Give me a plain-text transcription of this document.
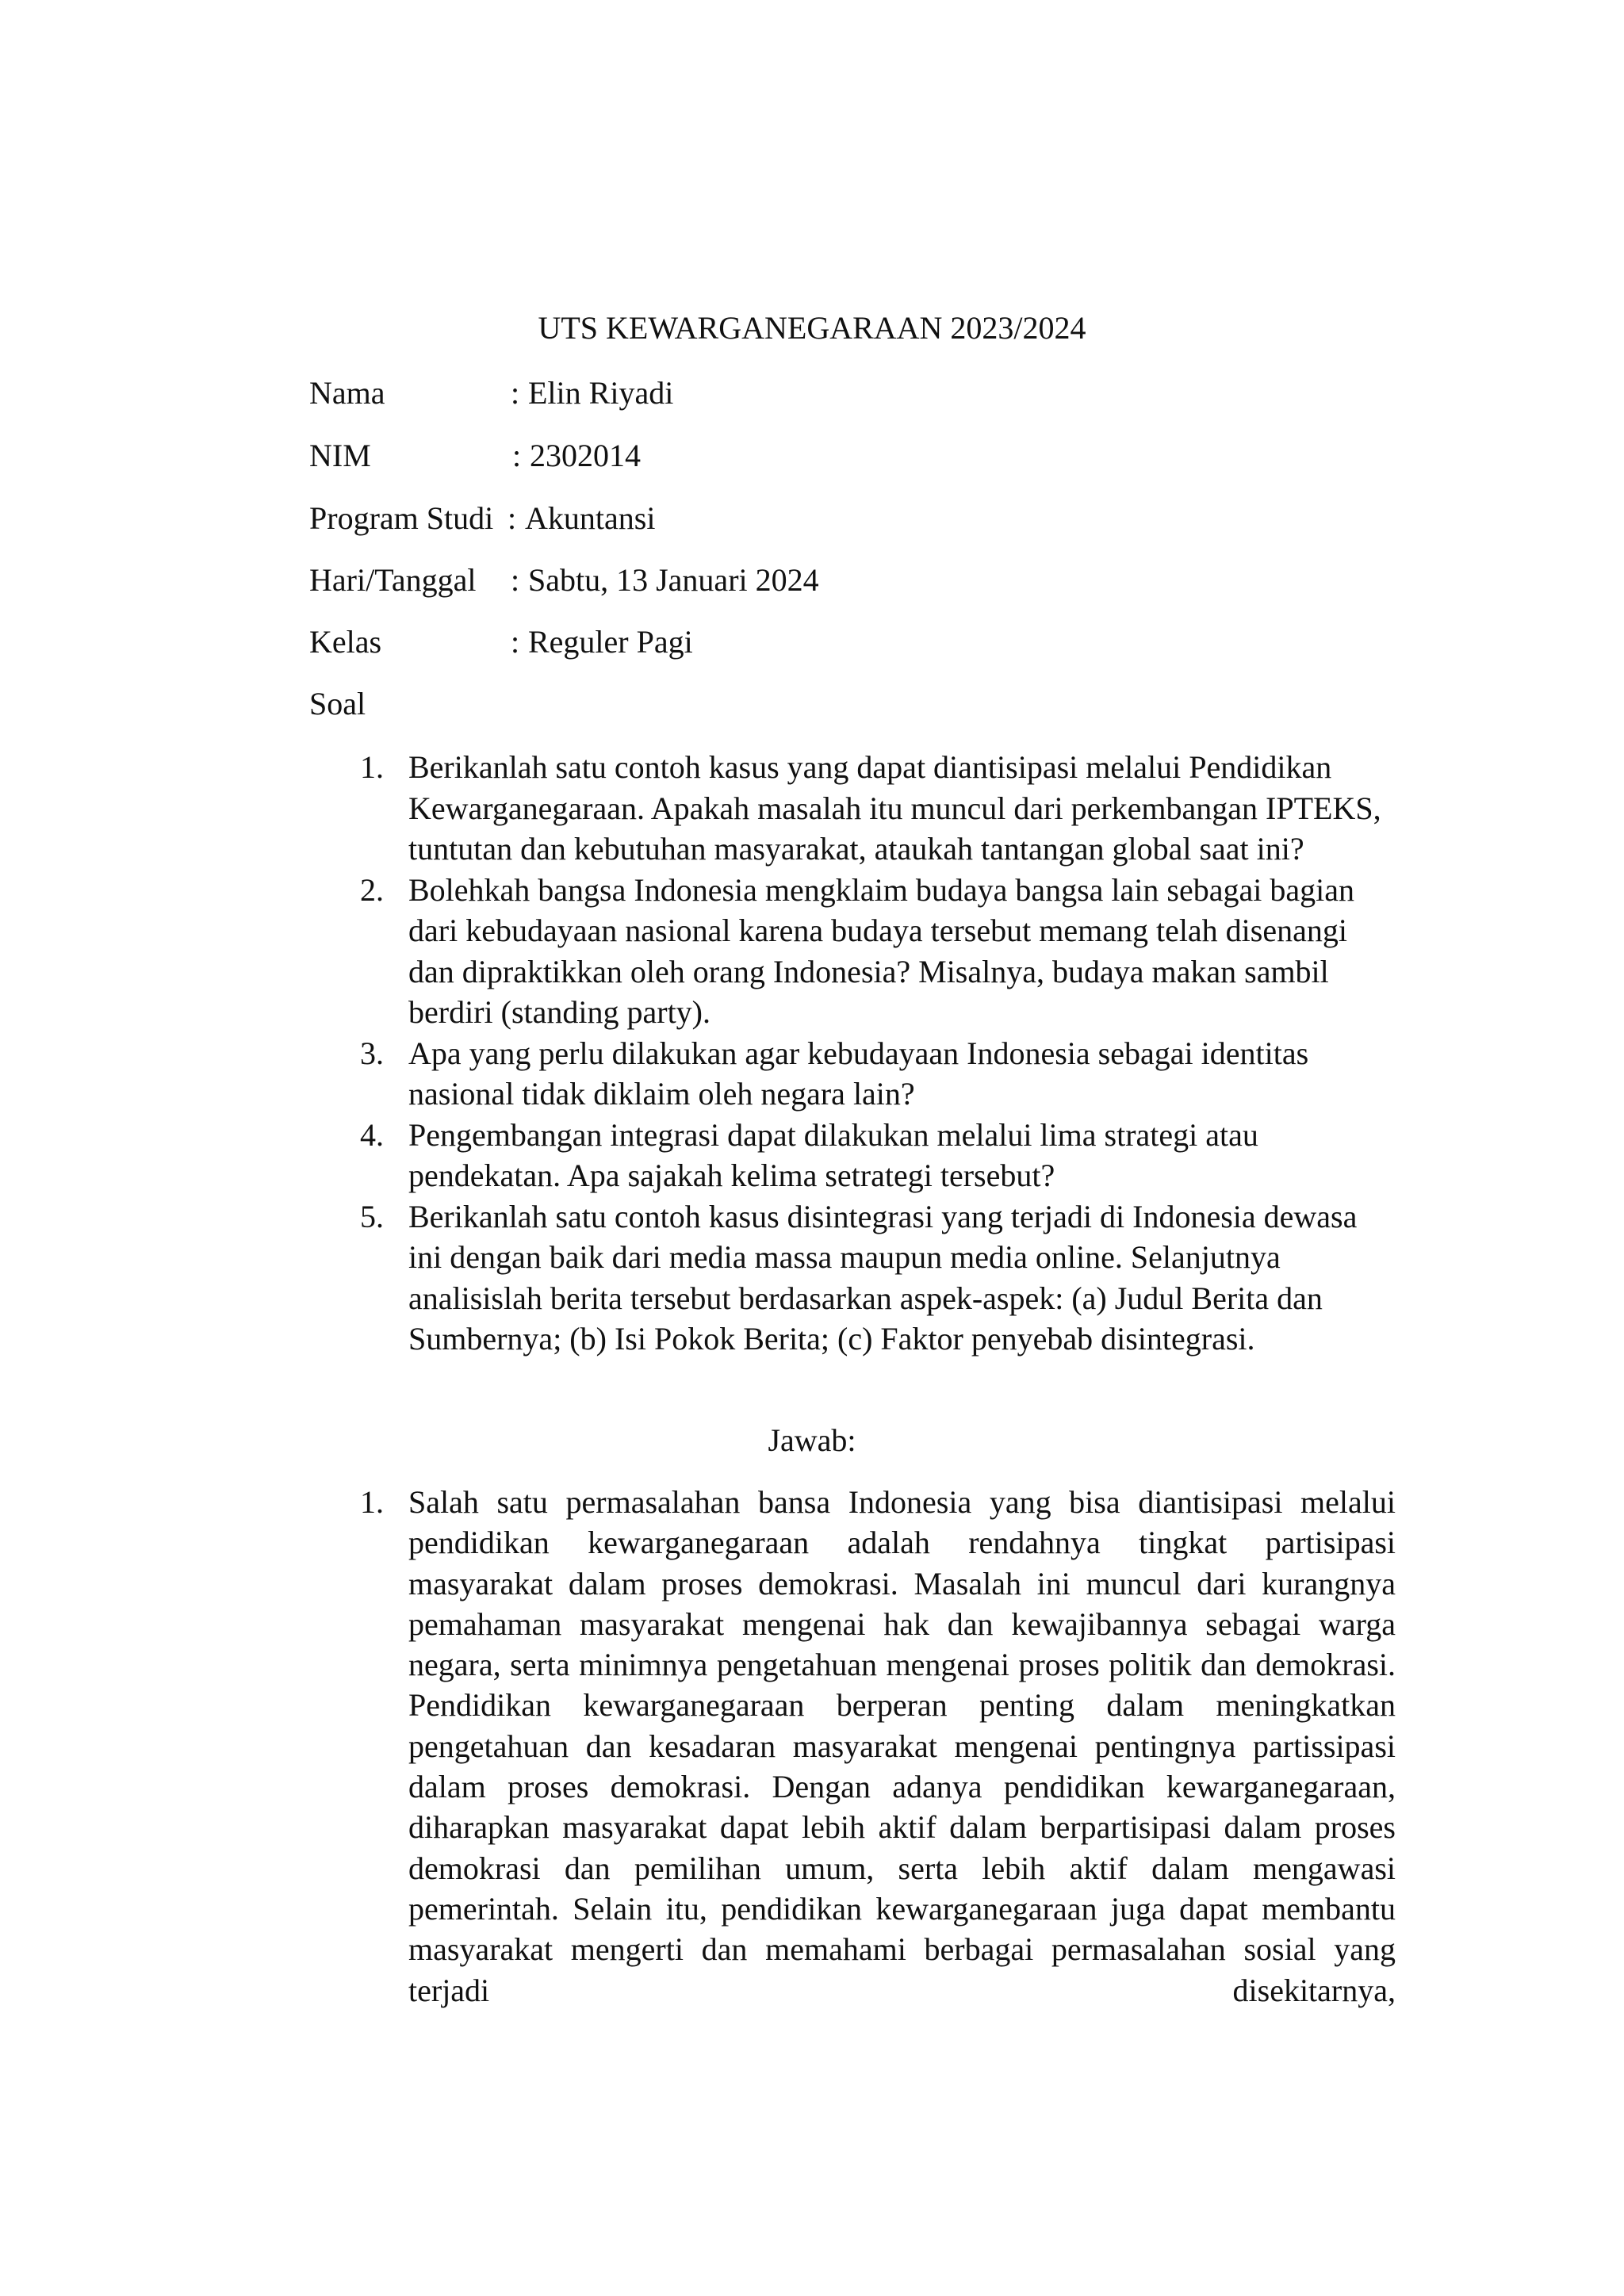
UTS KEWARGANEGARAAN 2023/2024
Nama	: Elin Riyadi
NIM	: 2302014
Program Studi : Akuntansi
Hari/Tanggal : Sabtu, 13 Januari 2024
Kelas	: Reguler Pagi
Soal
1. Berikanlah satu contoh kasus yang dapat diantisipasi melalui Pendidikan Kewarganegaraan. Apakah masalah itu muncul dari perkembangan IPTEKS, tuntutan dan kebutuhan masyarakat, ataukah tantangan global saat ini?
2. Bolehkah bangsa Indonesia mengklaim budaya bangsa lain sebagai bagian dari kebudayaan nasional karena budaya tersebut memang telah disenangi dan dipraktikkan oleh orang Indonesia? Misalnya, budaya makan sambil berdiri (standing party).
3. Apa yang perlu dilakukan agar kebudayaan Indonesia sebagai identitas nasional tidak diklaim oleh negara lain?
4. Pengembangan integrasi dapat dilakukan melalui lima strategi atau pendekatan. Apa sajakah kelima setrategi tersebut?
5. Berikanlah satu contoh kasus disintegrasi yang terjadi di Indonesia dewasa ini dengan baik dari media massa maupun media online. Selanjutnya analisislah berita tersebut berdasarkan aspek-aspek: (a) Judul Berita dan Sumbernya; (b) Isi Pokok Berita; (c) Faktor penyebab disintegrasi.
Jawab:
1. Salah satu permasalahan bansa Indonesia yang bisa diantisipasi melalui pendidikan kewarganegaraan adalah rendahnya tingkat partisipasi masyarakat dalam proses demokrasi. Masalah ini muncul dari kurangnya pemahaman masyarakat mengenai hak dan kewajibannya sebagai warga negara, serta minimnya pengetahuan mengenai proses politik dan demokrasi. Pendidikan kewarganegaraan berperan penting dalam meningkatkan pengetahuan dan kesadaran masyarakat mengenai pentingnya partissipasi dalam proses demokrasi. Dengan adanya pendidikan kewarganegaraan, diharapkan masyarakat dapat lebih aktif dalam berpartisipasi dalam proses demokrasi dan pemilihan umum, serta lebih aktif dalam mengawasi pemerintah. Selain itu, pendidikan kewarganegaraan juga dapat membantu masyarakat mengerti dan memahami berbagai permasalahan sosial yang terjadi disekitarnya,
